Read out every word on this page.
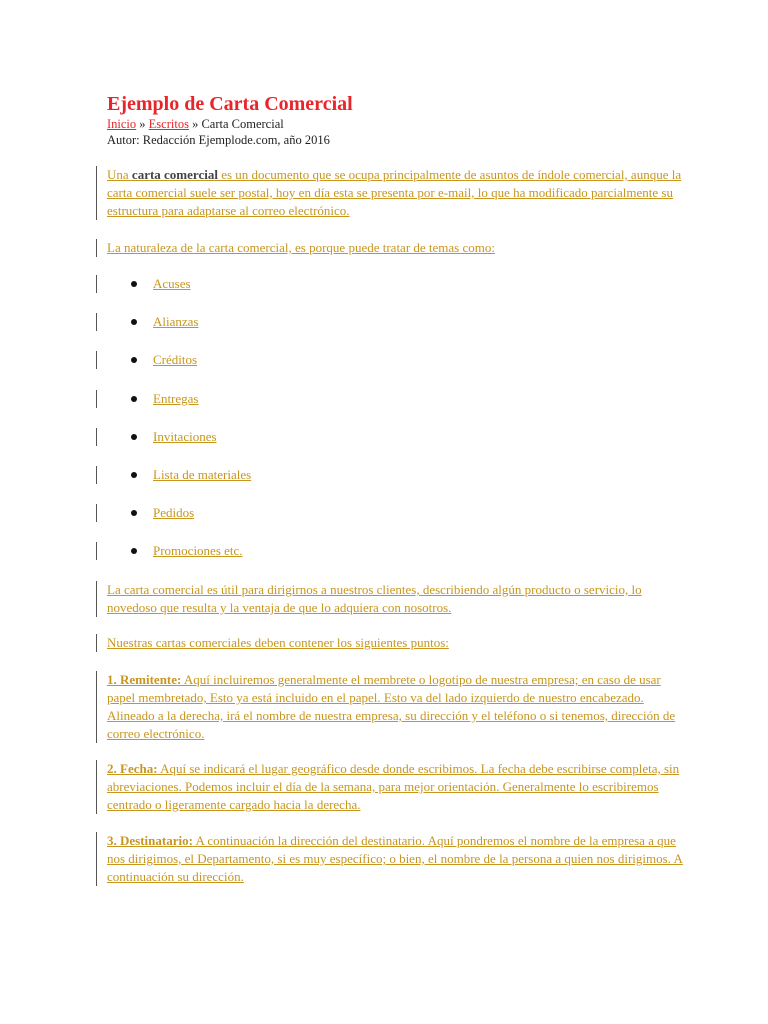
Ejemplo de Carta Comercial
Inicio » Escritos » Carta Comercial
Autor: Redacción Ejemplode.com, año 2016
Una carta comercial es un documento que se ocupa principalmente de asuntos de índole comercial, aunque la carta comercial suele ser postal, hoy en día esta se presenta por e-mail, lo que ha modificado parcialmente su estructura para adaptarse al correo electrónico.
La naturaleza de la carta comercial, es porque puede tratar de temas como:
Acuses
Alianzas
Créditos
Entregas
Invitaciones
Lista de materiales
Pedidos
Promociones etc.
La carta comercial es útil para dirigirnos a nuestros clientes, describiendo algún producto o servicio, lo novedoso que resulta y la ventaja de que lo adquiera con nosotros.
Nuestras cartas comerciales deben contener los siguientes puntos:
1. Remitente: Aquí incluiremos generalmente el membrete o logotipo de nuestra empresa; en caso de usar papel membretado, Esto ya está incluido en el papel. Esto va del lado izquierdo de nuestro encabezado. Alineado a la derecha, irá el nombre de nuestra empresa, su dirección y el teléfono o si tenemos, dirección de correo electrónico.
2. Fecha: Aquí se indicará el lugar geográfico desde donde escribimos. La fecha debe escribirse completa, sin abreviaciones. Podemos incluir el día de la semana, para mejor orientación. Generalmente lo escribiremos centrado o ligeramente cargado hacia la derecha.
3. Destinatario: A continuación la dirección del destinatario. Aquí pondremos el nombre de la empresa a que nos dirigimos, el Departamento, si es muy específico; o bien, el nombre de la persona a quien nos dirigimos. A continuación su dirección.
